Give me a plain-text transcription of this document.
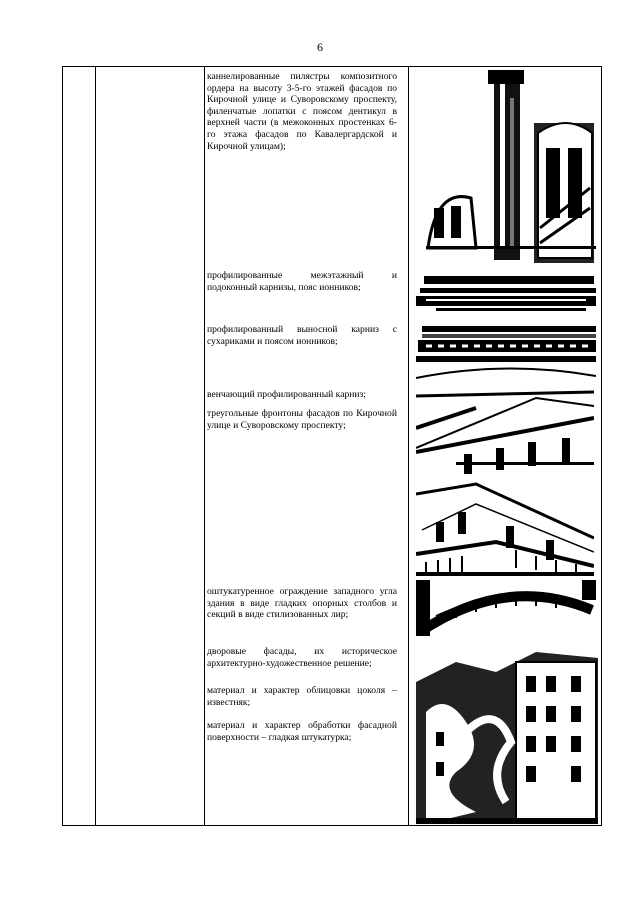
6
каннелированные пилястры композитного ордера на высоту 3-5-го этажей фасадов по Кирочной улице и Суворовскому проспекту, филенчатые лопатки с поясом дентикул в верхней части (в межоконных простенках 6-го этажа фасадов по Кавалергардской и Кирочной улицам);
профилированные межэтажный и подоконный карнизы, пояс ионников;
профилированный выносной карниз с сухариками и поясом ионников;
венчающий профилированный карниз;
треугольные фронтоны фасадов по Кирочной улице и Суворовскому проспекту;
оштукатуренное ограждение западного угла здания в виде гладких опорных столбов и секций в виде стилизованных лир;
дворовые фасады, их историческое архитектурно-художественное решение;
материал и характер облицовки цоколя – известняк;
материал и характер обработки фасадной поверхности – гладкая штукатурка;
